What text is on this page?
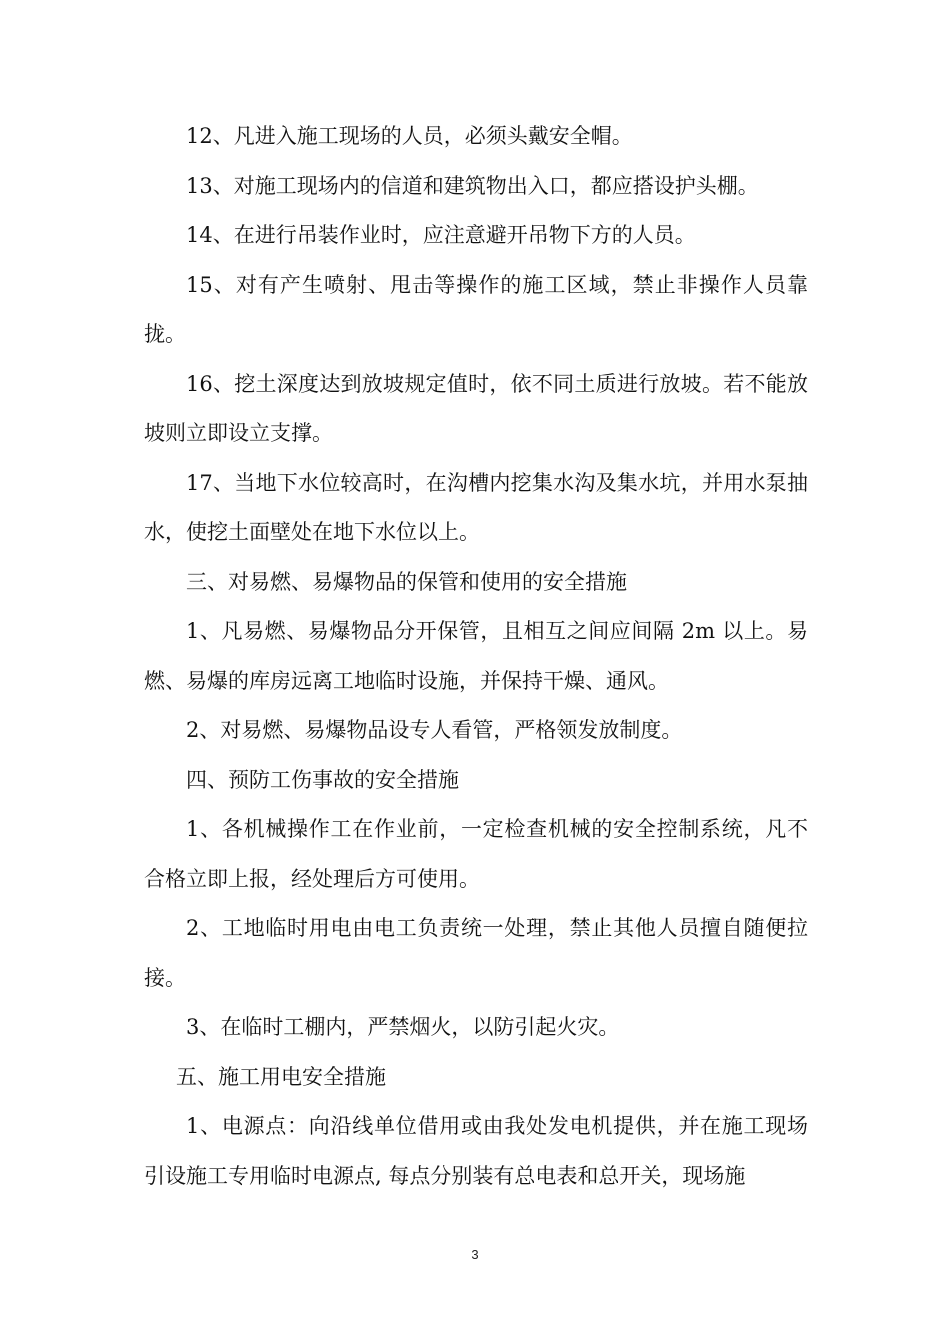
12、凡进入施工现场的人员，必须头戴安全帽。

13、对施工现场内的信道和建筑物出入口，都应搭设护头棚。

14、在进行吊装作业时，应注意避开吊物下方的人员。

15、对有产生喷射、甩击等操作的施工区域，禁止非操作人员靠拢。

16、挖土深度达到放坡规定值时，依不同土质进行放坡。若不能放坡则立即设立支撑。

17、当地下水位较高时，在沟槽内挖集水沟及集水坑，并用水泵抽水，使挖土面壁处在地下水位以上。

三、对易燃、易爆物品的保管和使用的安全措施

1、凡易燃、易爆物品分开保管，且相互之间应间隔 2m 以上。易燃、易爆的库房远离工地临时设施，并保持干燥、通风。

2、对易燃、易爆物品设专人看管，严格领发放制度。

四、预防工伤事故的安全措施

1、各机械操作工在作业前，一定检查机械的安全控制系统，凡不合格立即上报，经处理后方可使用。

2、工地临时用电由电工负责统一处理，禁止其他人员擅自随便拉接。

3、在临时工棚内，严禁烟火，以防引起火灾。

五、施工用电安全措施

1、电源点：向沿线单位借用或由我处发电机提供，并在施工现场引设施工专用临时电源点, 每点分别装有总电表和总开关，现场施

3
